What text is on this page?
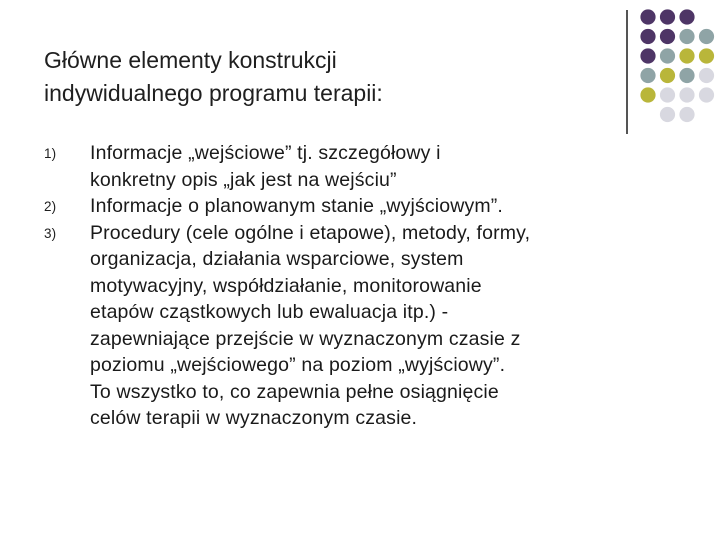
Główne elementy konstrukcji
indywidualnego programu terapii:
1) Informacje „wejściowe” tj. szczegółowy i
konkretny opis „jak jest na wejściu”
2) Informacje o planowanym stanie „wyjściowym”.
3) Procedury (cele ogólne i etapowe), metody, formy,
organizacja, działania wsparciowe, system
motywacyjny, współdziałanie, monitorowanie
etapów cząstkowych lub ewaluacja itp.) -
zapewniające przejście w wyznaczonym czasie z
poziomu „wejściowego” na poziom „wyjściowy”.
To wszystko to, co zapewnia pełne osiągnięcie
celów terapii w wyznaczonym czasie.
